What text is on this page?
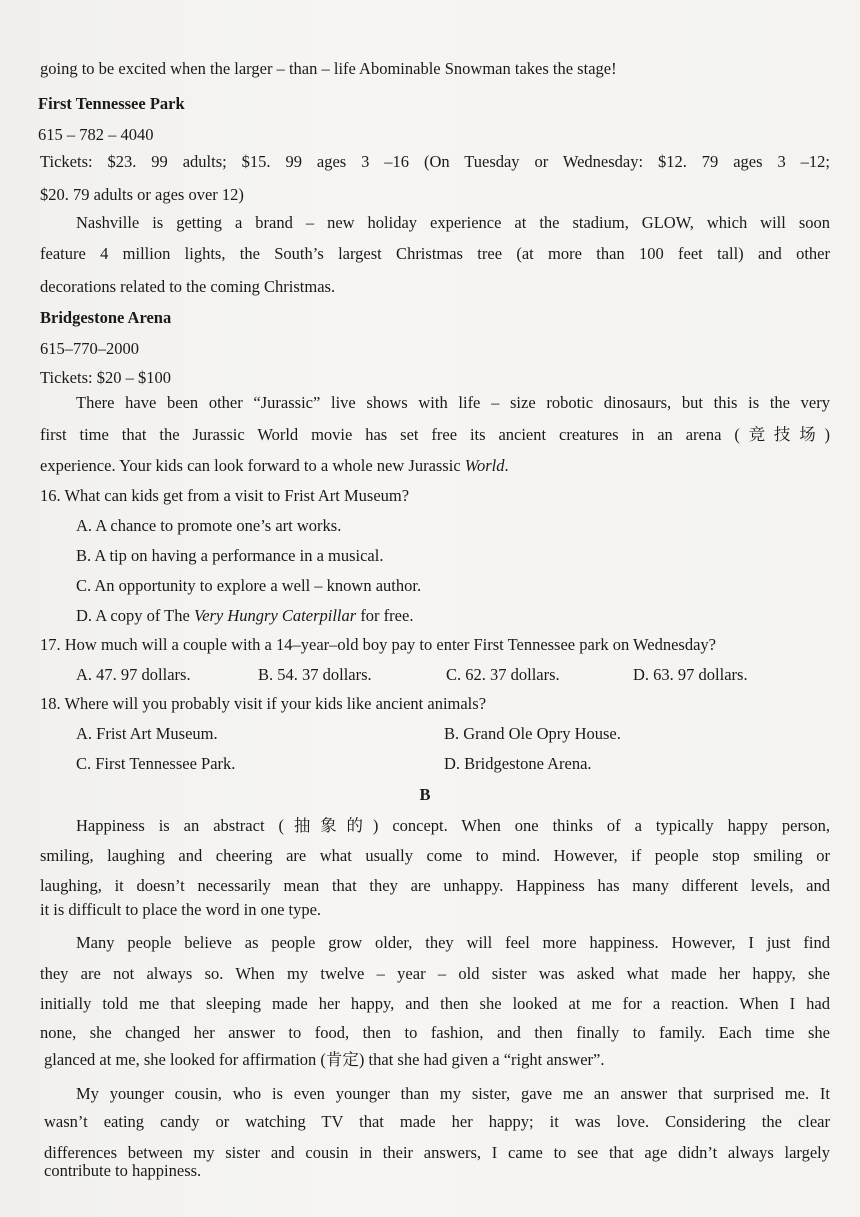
going to be excited when the larger – than – life Abominable Snowman takes the stage!
First Tennessee Park
615 – 782 – 4040
Tickets: $23. 99 adults; $15. 99 ages 3 –16 (On Tuesday or Wednesday: $12. 79 ages 3 –12;
$20. 79 adults or ages over 12)
Nashville is getting a brand – new holiday experience at the stadium, GLOW, which will soon
feature 4 million lights, the South’s largest Christmas tree (at more than 100 feet tall) and other
decorations related to the coming Christmas.
Bridgestone Arena
615–770–2000
Tickets: $20 – $100
There have been other “Jurassic” live shows with life – size robotic dinosaurs, but this is the very
first time that the Jurassic World movie has set free its ancient creatures in an arena (竞技场)
experience. Your kids can look forward to a whole new Jurassic World.
16. What can kids get from a visit to Frist Art Museum?
A. A chance to promote one’s art works.
B. A tip on having a performance in a musical.
C. An opportunity to explore a well – known author.
D. A copy of The Very Hungry Caterpillar for free.
17. How much will a couple with a 14–year–old boy pay to enter First Tennessee park on Wednesday?
A. 47. 97 dollars.	B. 54. 37 dollars.	C. 62. 37 dollars.	D. 63. 97 dollars.
18. Where will you probably visit if your kids like ancient animals?
A. Frist Art Museum.	B. Grand Ole Opry House.
C. First Tennessee Park.	D. Bridgestone Arena.
B
Happiness is an abstract (抽象的) concept. When one thinks of a typically happy person,
smiling, laughing and cheering are what usually come to mind. However, if people stop smiling or
laughing, it doesn’t necessarily mean that they are unhappy. Happiness has many different levels, and
it is difficult to place the word in one type.
Many people believe as people grow older, they will feel more happiness. However, I just find
they are not always so. When my twelve – year – old sister was asked what made her happy, she
initially told me that sleeping made her happy, and then she looked at me for a reaction. When I had
none, she changed her answer to food, then to fashion, and then finally to family. Each time she
glanced at me, she looked for affirmation (肯定) that she had given a “right answer”.
My younger cousin, who is even younger than my sister, gave me an answer that surprised me. It
wasn’t eating candy or watching TV that made her happy; it was love. Considering the clear
differences between my sister and cousin in their answers, I came to see that age didn’t always largely
contribute to happiness.
